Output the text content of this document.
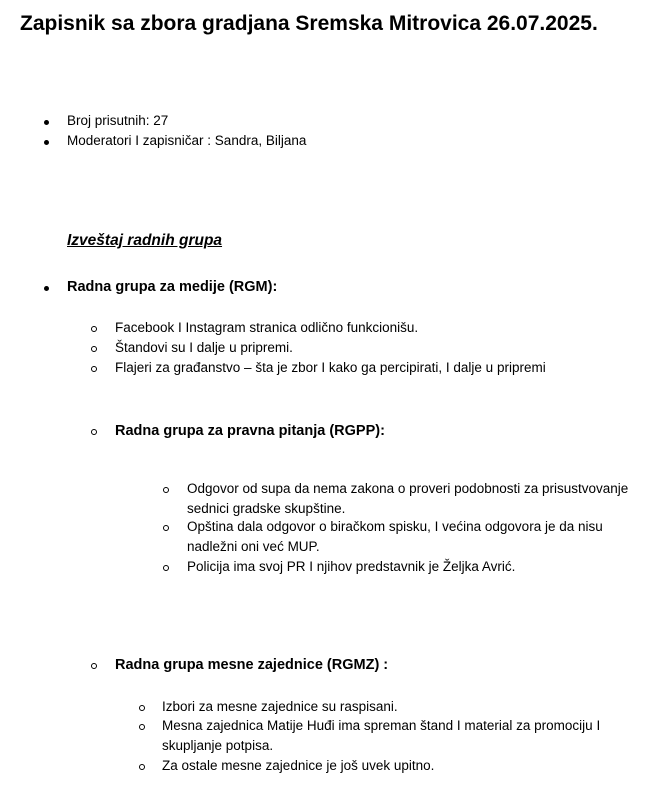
Zapisnik sa zbora gradjana Sremska Mitrovica 26.07.2025.
Broj prisutnih: 27
Moderatori I zapisničar : Sandra, Biljana
Izveštaj radnih grupa
Radna grupa za medije (RGM):
Facebook I Instagram stranica odlično funkcionišu.
Štandovi su I dalje u pripremi.
Flajeri za građanstvo – šta je zbor I kako ga percipirati, I dalje u pripremi
Radna grupa za pravna pitanja (RGPP):
Odgovor od supa da nema zakona o proveri podobnosti za prisustvovanje sednici gradske skupštine.
Opština dala odgovor o biračkom spisku, I većina odgovora je da nisu nadležni oni već MUP.
Policija ima svoj PR I njihov predstavnik je Željka Avrić.
Radna grupa mesne zajednice (RGMZ) :
Izbori za mesne zajednice su raspisani.
Mesna zajednica Matije Huđi ima spreman štand I material za promociju I skupljanje potpisa.
Za ostale mesne zajednice je još uvek upitno.
